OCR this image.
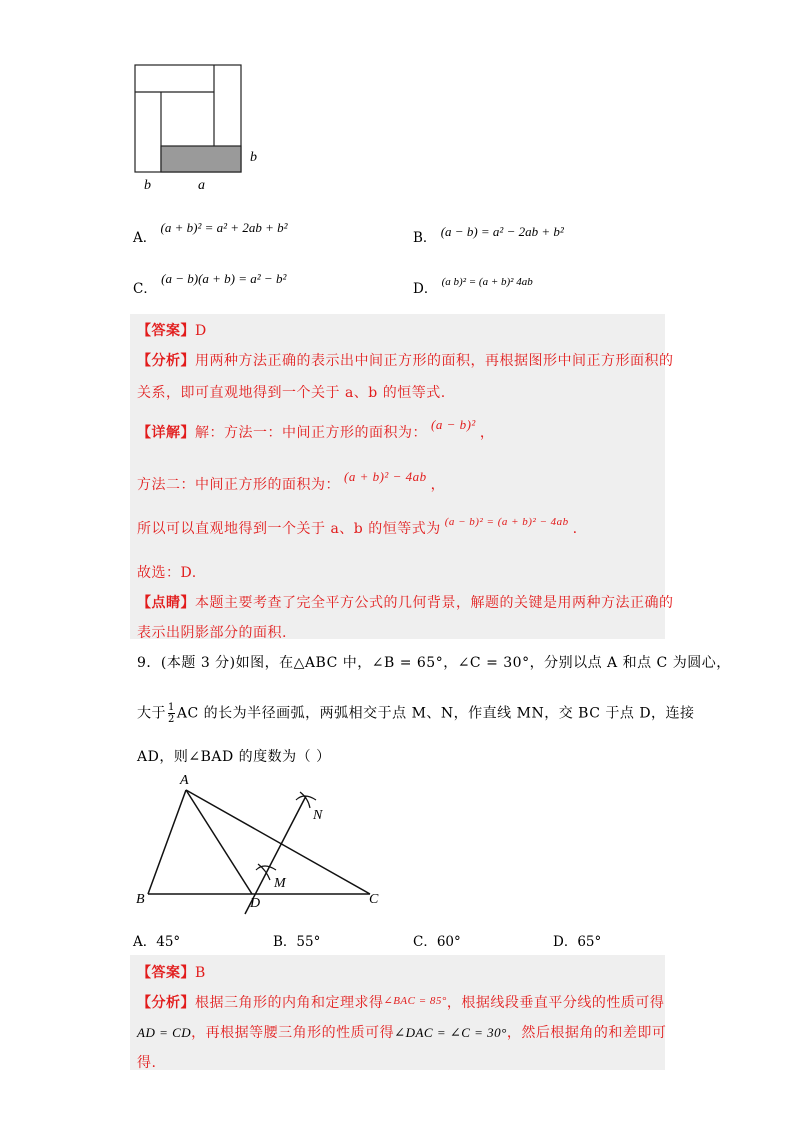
b
b	a
A． (a + b)² = a² + 2ab + b²
B． (a − b) = a² − 2ab + b²
C． (a − b)(a + b) = a² − b²
D． $^{(a b)^2 = (a + b)^2 4ab}$
【答案】D
【分析】用两种方法正确的表示出中间正方形的面积，再根据图形中间正方形面积的
关系，即可直观地得到一个关于 a、b 的恒等式.
【详解】解：方法一：中间正方形的面积为：(a − b)²，
方法二：中间正方形的面积为：(a + b)² − 4ab，
所以可以直观地得到一个关于 a、b 的恒等式为 $^{(a - b)^2 = (a + b)^2 - 4ab}$ .
故选：D.
【点睛】本题主要考查了完全平方公式的几何背景，解题的关键是用两种方法正确的
表示出阴影部分的面积.
9．(本题 3 分)如图，在△ABC 中，∠B = 65°，∠C = 30°，分别以点 A 和点 C 为圆心，
大于 $\frac{1}{2}$ AC 的长为半径画弧，两弧相交于点 M、N，作直线 MN，交 BC 于点 D，连接
AD，则∠BAD 的度数为（ ）
A
B	C
D
M
N
A．45°	B．55°	C．60°	D．65°
【答案】B
【分析】根据三角形的内角和定理求得$^{\angle BAC = 85^\circ}$，根据线段垂直平分线的性质可得
AD = CD，再根据等腰三角形的性质可得∠DAC = ∠C = 30°，然后根据角的和差即可
得.
